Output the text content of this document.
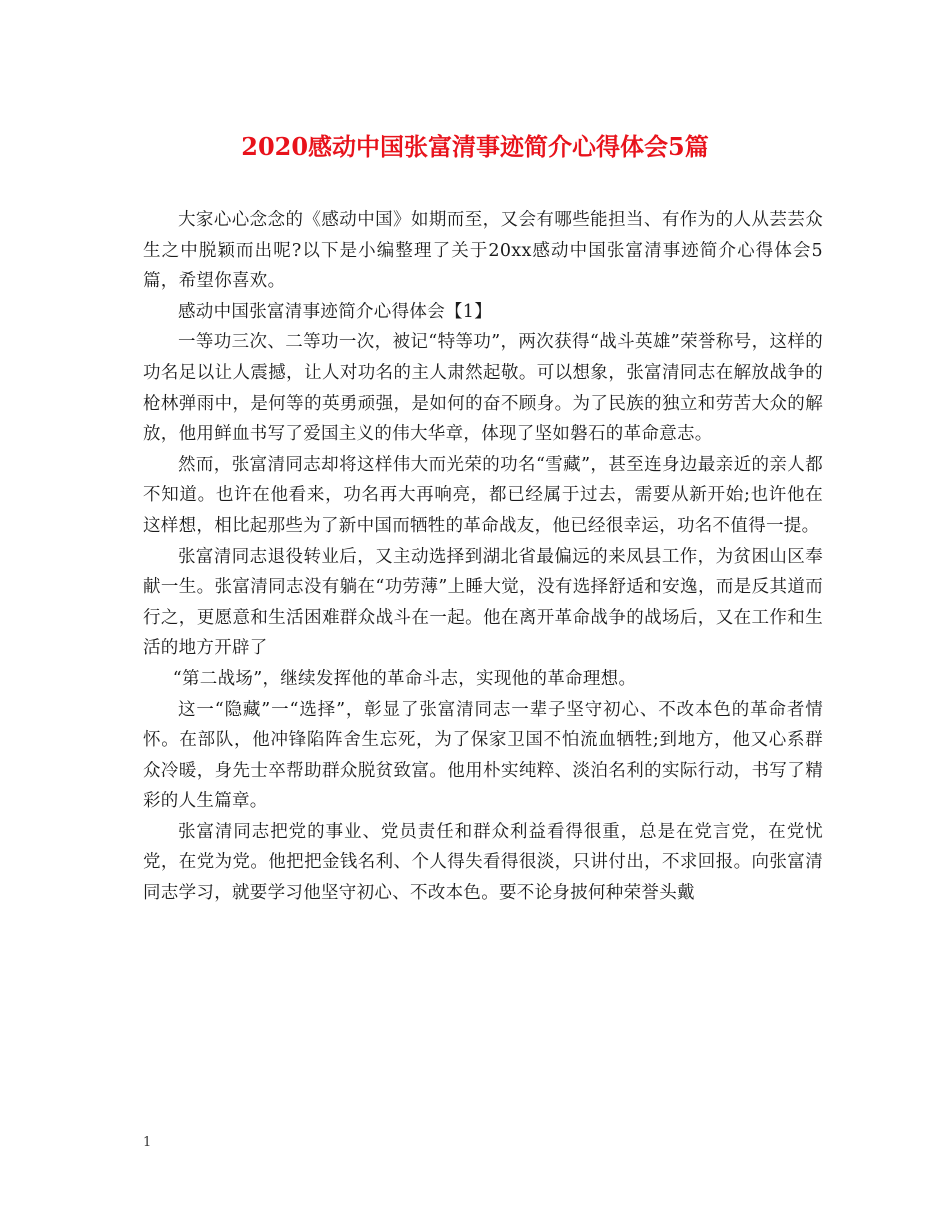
2020感动中国张富清事迹简介心得体会5篇

大家心心念念的《感动中国》如期而至，又会有哪些能担当、有作为的人从芸芸众生之中脱颖而出呢?以下是小编整理了关于20xx感动中国张富清事迹简介心得体会5篇，希望你喜欢。

感动中国张富清事迹简介心得体会【1】

一等功三次、二等功一次，被记“特等功”，两次获得“战斗英雄”荣誉称号，这样的功名足以让人震撼，让人对功名的主人肃然起敬。可以想象，张富清同志在解放战争的枪林弹雨中，是何等的英勇顽强，是如何的奋不顾身。为了民族的独立和劳苦大众的解放，他用鲜血书写了爱国主义的伟大华章，体现了坚如磐石的革命意志。

然而，张富清同志却将这样伟大而光荣的功名“雪藏”，甚至连身边最亲近的亲人都不知道。也许在他看来，功名再大再响亮，都已经属于过去，需要从新开始;也许他在这样想，相比起那些为了新中国而牺牲的革命战友，他已经很幸运，功名不值得一提。

张富清同志退役转业后，又主动选择到湖北省最偏远的来凤县工作，为贫困山区奉献一生。张富清同志没有躺在“功劳薄”上睡大觉，没有选择舒适和安逸，而是反其道而行之，更愿意和生活困难群众战斗在一起。他在离开革命战争的战场后，又在工作和生活的地方开辟了

“第二战场”，继续发挥他的革命斗志，实现他的革命理想。

这一“隐藏”一“选择”，彰显了张富清同志一辈子坚守初心、不改本色的革命者情怀。在部队，他冲锋陷阵舍生忘死，为了保家卫国不怕流血牺牲;到地方，他又心系群众冷暖，身先士卒帮助群众脱贫致富。他用朴实纯粹、淡泊名利的实际行动，书写了精彩的人生篇章。

张富清同志把党的事业、党员责任和群众利益看得很重，总是在党言党，在党忧党，在党为党。他把把金钱名利、个人得失看得很淡，只讲付出，不求回报。向张富清同志学习，就要学习他坚守初心、不改本色。要不论身披何种荣誉头戴

1
